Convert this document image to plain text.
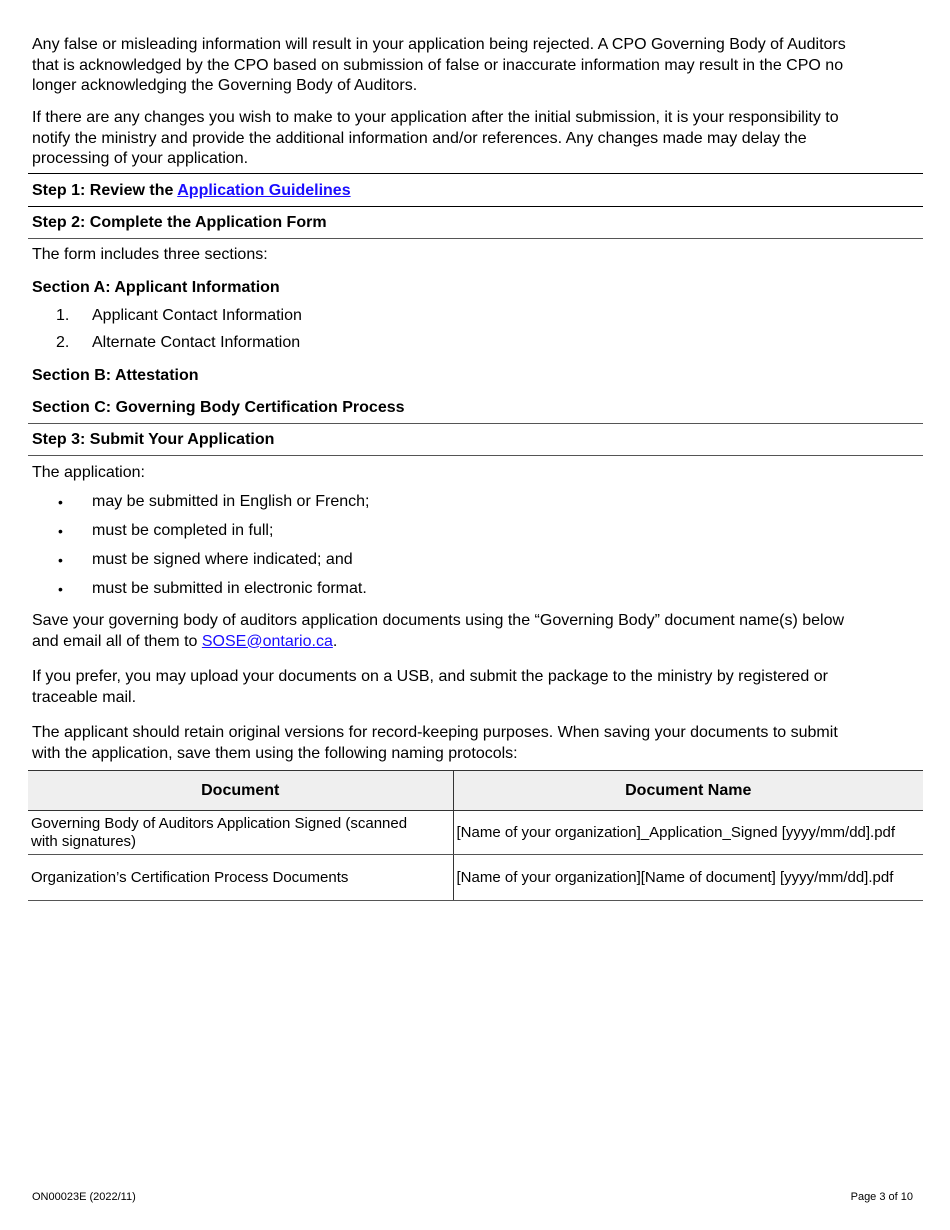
Any false or misleading information will result in your application being rejected. A CPO Governing Body of Auditors
that is acknowledged by the CPO based on submission of false or inaccurate information may result in the CPO no
longer acknowledging the Governing Body of Auditors.
If there are any changes you wish to make to your application after the initial submission, it is your responsibility to
notify the ministry and provide the additional information and/or references. Any changes made may delay the
processing of your application.
Step 1: Review the Application Guidelines
Step 2: Complete the Application Form
The form includes three sections:
Section A: Applicant Information
1. Applicant Contact Information
2. Alternate Contact Information
Section B: Attestation
Section C: Governing Body Certification Process
Step 3: Submit Your Application
The application:
• may be submitted in English or French;
• must be completed in full;
• must be signed where indicated; and
• must be submitted in electronic format.
Save your governing body of auditors application documents using the “Governing Body” document name(s) below
and email all of them to SOSE@ontario.ca.
If you prefer, you may upload your documents on a USB, and submit the package to the ministry by registered or
traceable mail.
The applicant should retain original versions for record-keeping purposes. When saving your documents to submit
with the application, save them using the following naming protocols:
Document	Document Name

Governing Body of Auditors Application Signed (scanned
with signatures)	[Name of your organization]_Application_Signed [yyyy/mm/dd].pdf

Organization’s Certification Process Documents	[Name of your organization][Name of document] [yyyy/mm/dd].pdf
ON00023E (2022/11)	Page 3 of 10
